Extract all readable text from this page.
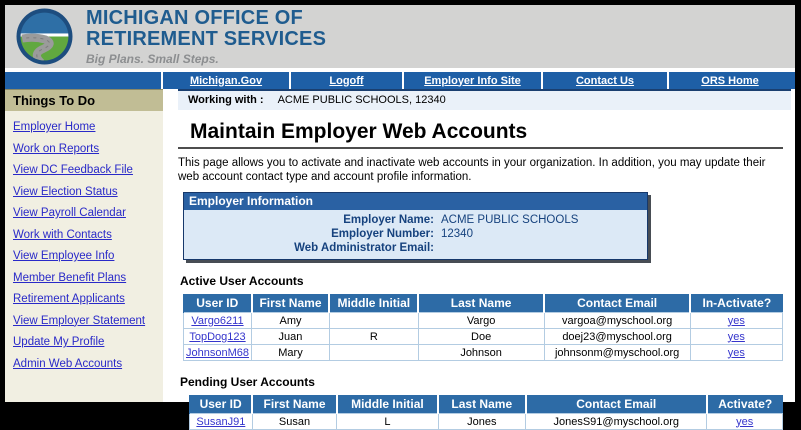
MICHIGAN OFFICE OF
RETIREMENT SERVICES
Big Plans. Small Steps.
Michigan.Gov	Logoff	Employer Info Site	Contact Us	ORS Home
Things To Do
Employer Home
Work on Reports
View DC Feedback File
View Election Status
View Payroll Calendar
Work with Contacts
View Employee Info
Member Benefit Plans
Retirement Applicants
View Employer Statement
Update My Profile
Admin Web Accounts
Working with : ACME PUBLIC SCHOOLS, 12340
Maintain Employer Web Accounts

This page allows you to activate and inactivate web accounts in your organization. In addition, you may update their web account contact type and account profile information.

Employer Information
Employer Name: ACME PUBLIC SCHOOLS
Employer Number: 12340
Web Administrator Email:
Active User Accounts
User ID	First Name	Middle Initial	Last Name	Contact Email	In-Activate?
Vargo6211	Amy		Vargo	vargoa@myschool.org	yes
TopDog123	Juan	R	Doe	doej23@myschool.org	yes
JohnsonM68	Mary		Johnson	johnsonm@myschool.org	yes
Pending User Accounts
User ID	First Name	Middle Initial	Last Name	Contact Email	Activate?
SusanJ91	Susan	L	Jones	JonesS91@myschool.org	yes
